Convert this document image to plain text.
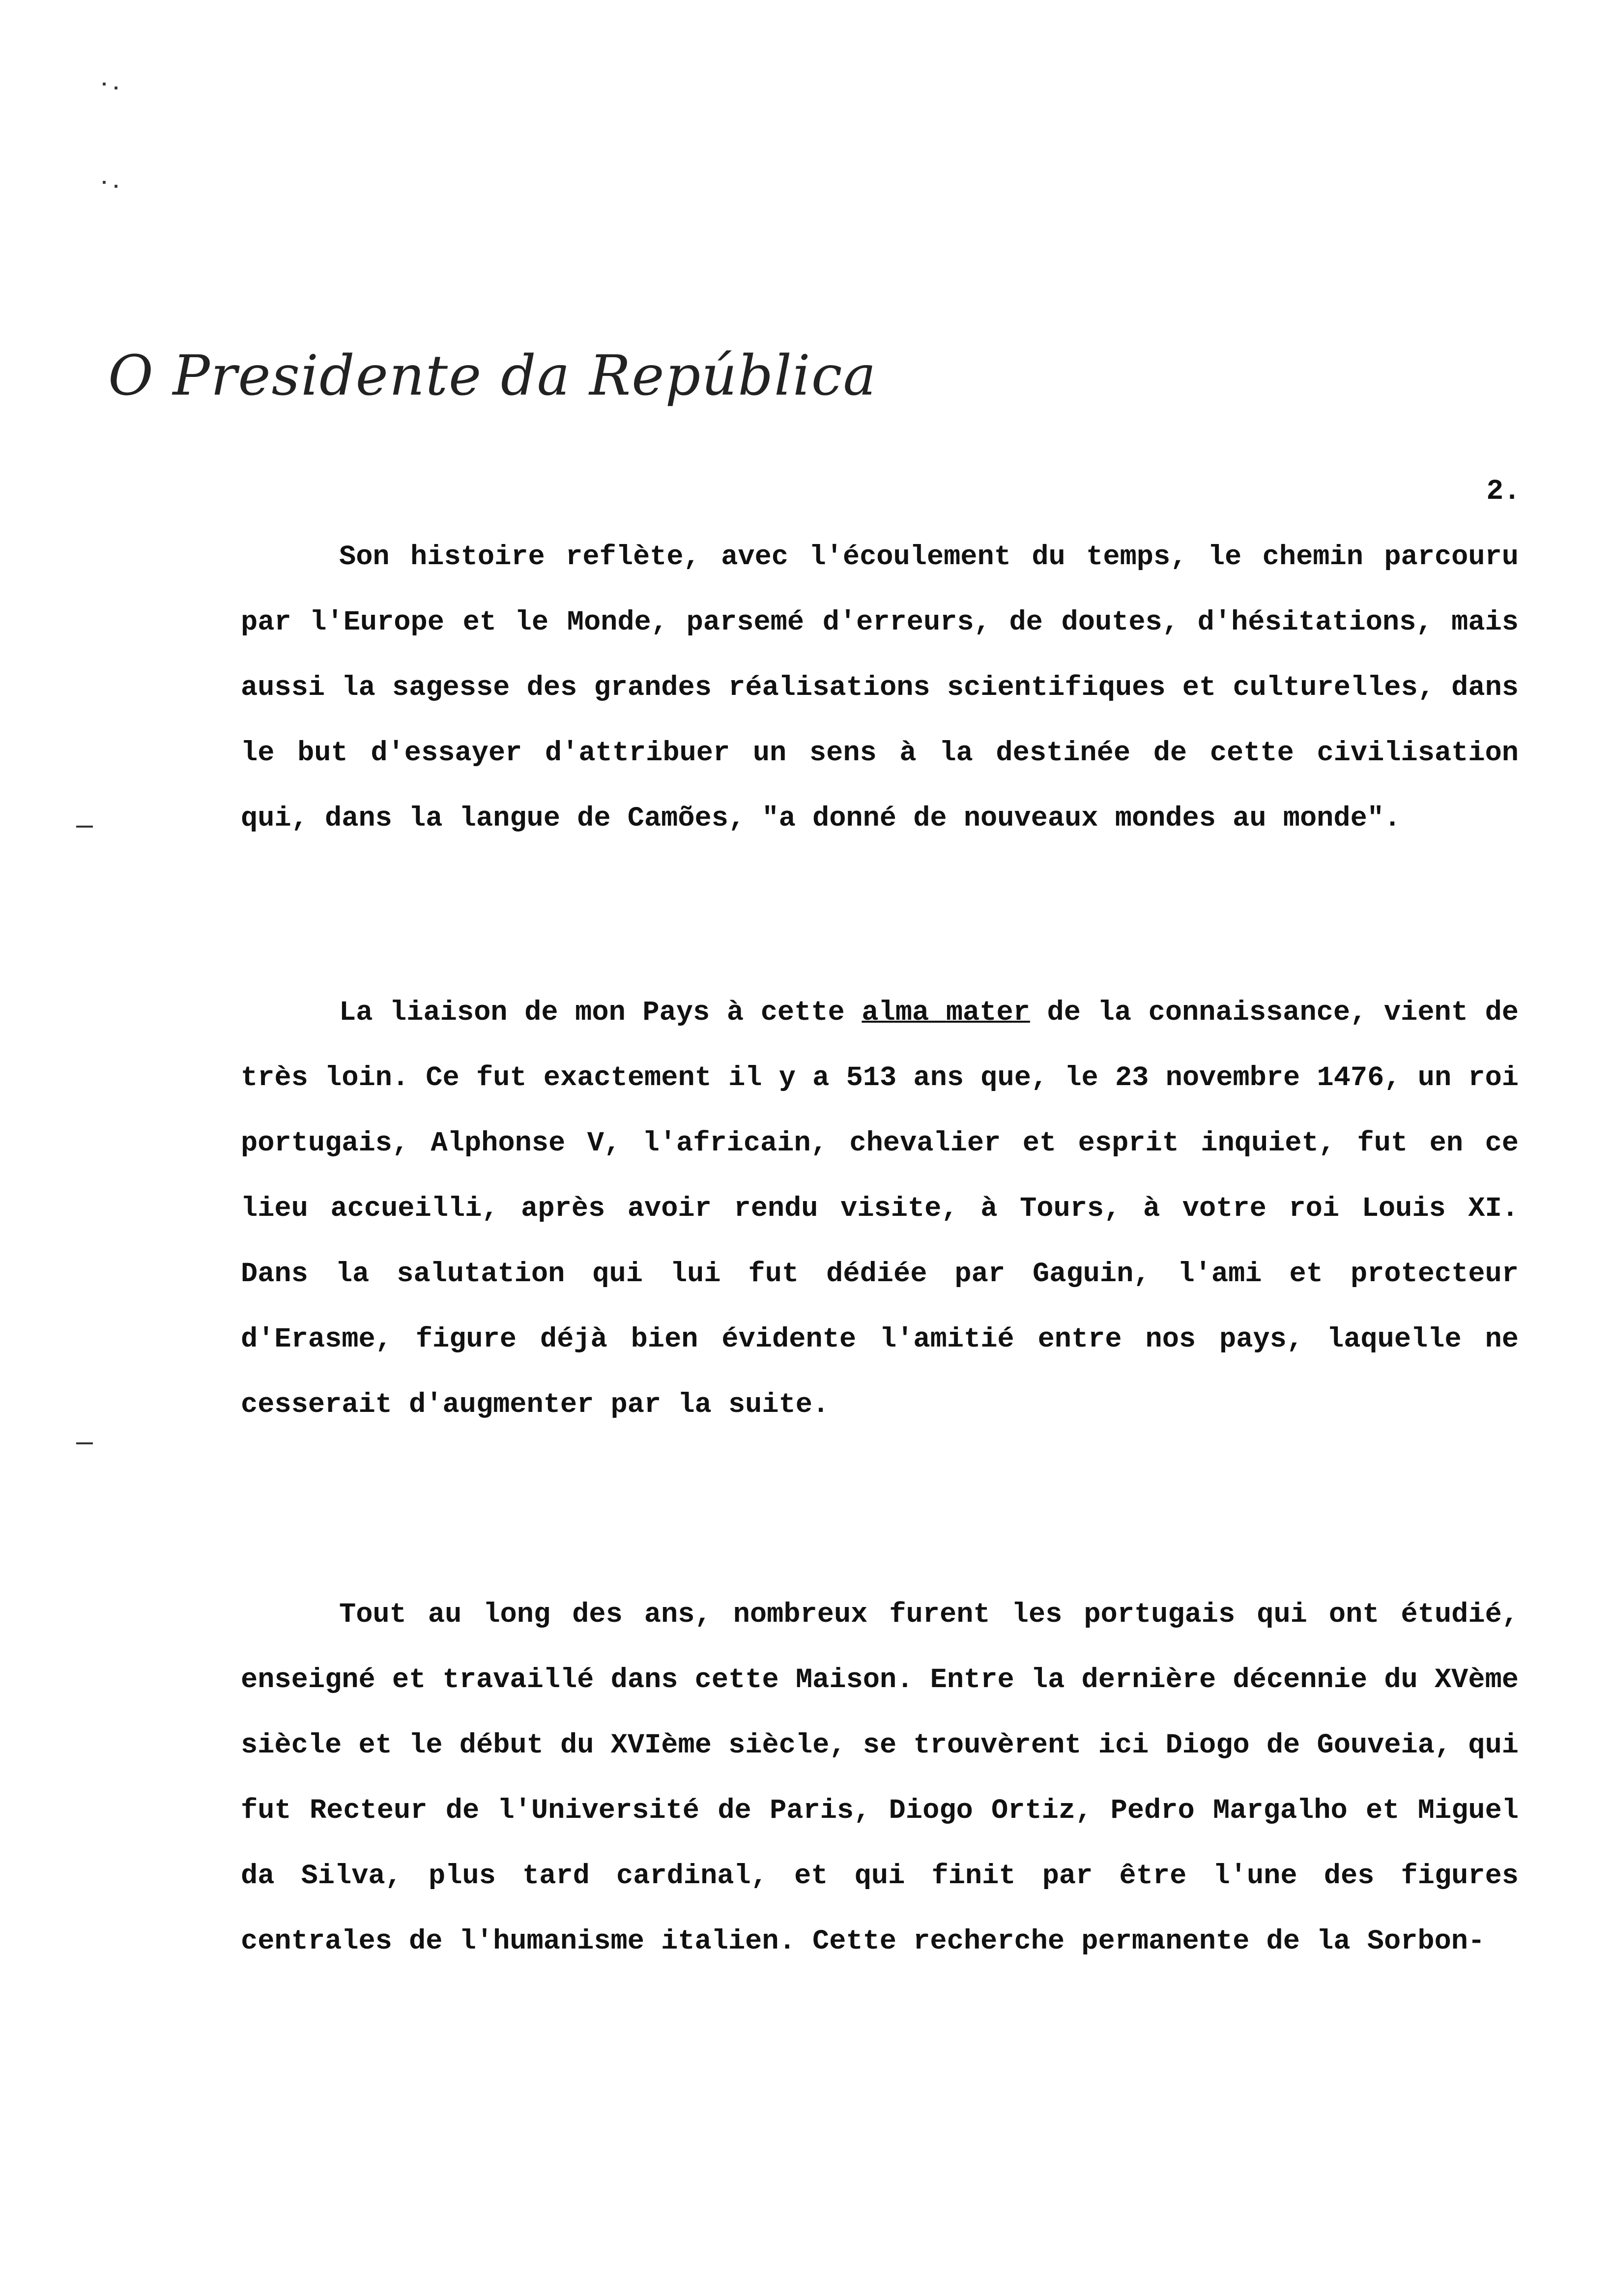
·.
·.
O Presidente da República
2.

Son histoire reflète, avec l'écoulement du temps, le chemin parcouru par l'Europe et le Monde, parsemé d'erreurs, de doutes, d'hésitations, mais aussi la sagesse des grandes réalisations scientifiques et culturelles, dans le but d'essayer d'attribuer un sens à la destinée de cette civilisation qui, dans la langue de Camões, "a donné de nouveaux mondes au monde".

La liaison de mon Pays à cette alma mater de la connaissance, vient de très loin. Ce fut exactement il y a 513 ans que, le 23 novembre 1476, un roi portugais, Alphonse V, l'africain, chevalier et esprit inquiet, fut en ce lieu accueilli, après avoir rendu visite, à Tours, à votre roi Louis XI. Dans la salutation qui lui fut dédiée par Gaguin, l'ami et protecteur d'Erasme, figure déjà bien évidente l'amitié entre nos pays, laquelle ne cesserait d'augmenter par la suite.

Tout au long des ans, nombreux furent les portugais qui ont étudié, enseigné et travaillé dans cette Maison. Entre la dernière décennie du XVème siècle et le début du XVIème siècle, se trouvèrent ici Diogo de Gouveia, qui fut Recteur de l'Université de Paris, Diogo Ortiz, Pedro Margalho et Miguel da Silva, plus tard cardinal, et qui finit par être l'une des figures centrales de l'humanisme italien. Cette recherche permanente de la Sorbon-
